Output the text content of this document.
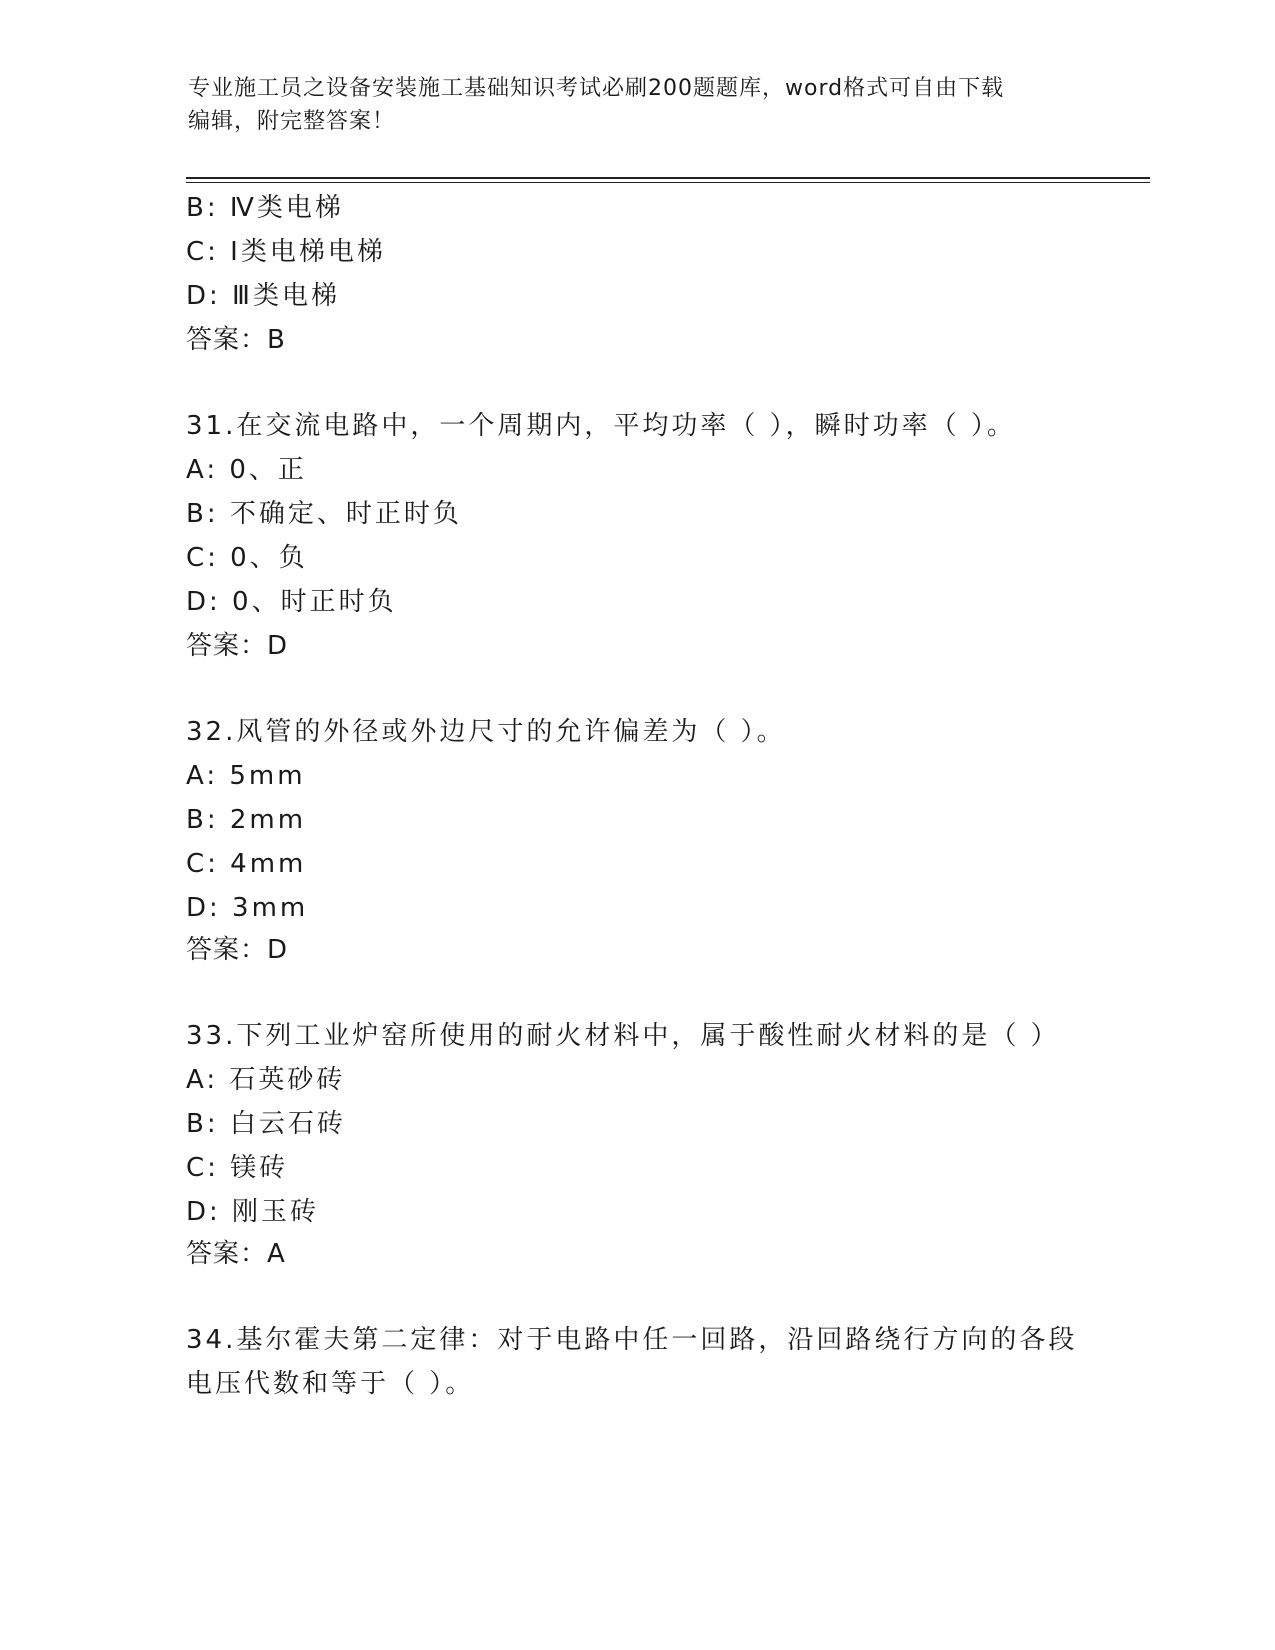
专业施工员之设备安装施工基础知识考试必刷200题题库，word格式可自由下载
编辑，附完整答案！
B: Ⅳ类电梯
C: Ⅰ类电梯电梯
D: Ⅲ类电梯
答案：B
31.在交流电路中，一个周期内，平均功率（ ），瞬时功率（ ）。
A: 0、正
B: 不确定、时正时负
C: 0、负
D: 0、时正时负
答案：D
32.风管的外径或外边尺寸的允许偏差为（ ）。
A: 5mm
B: 2mm
C: 4mm
D: 3mm
答案：D
33.下列工业炉窑所使用的耐火材料中，属于酸性耐火材料的是（ ）
A: 石英砂砖
B: 白云石砖
C: 镁砖
D: 刚玉砖
答案：A
34.基尔霍夫第二定律：对于电路中任一回路，沿回路绕行方向的各段
电压代数和等于（ ）。
